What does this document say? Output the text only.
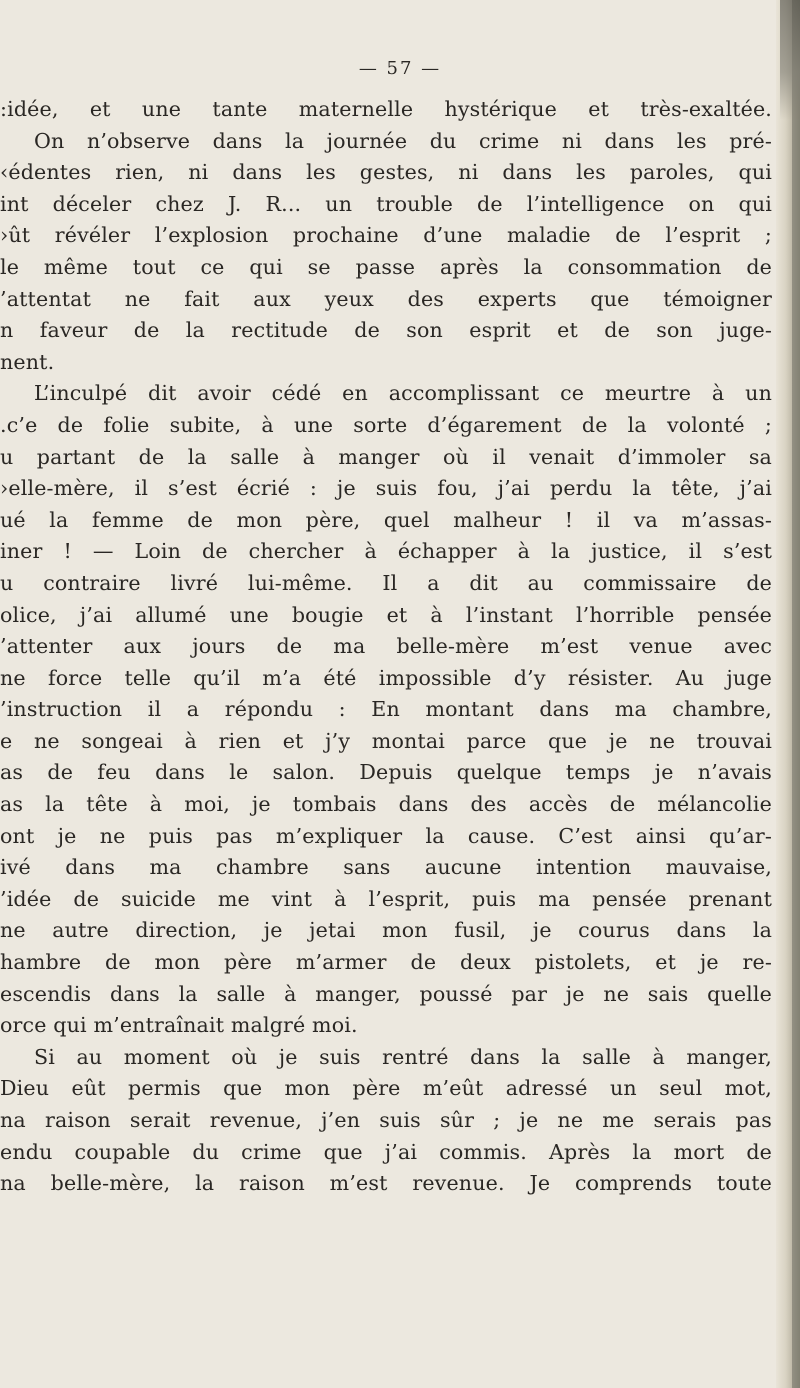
— 57 —

:idée, et une tante maternelle hystérique et très-exaltée.
On n’observe dans la journée du crime ni dans les pré-
‹édentes rien, ni dans les gestes, ni dans les paroles, qui
int déceler chez J. R... un trouble de l’intelligence on qui
›ût révéler l’explosion prochaine d’une maladie de l’esprit ;
le même tout ce qui se passe après la consommation de
’attentat ne fait aux yeux des experts que témoigner
n faveur de la rectitude de son esprit et de son juge-
nent.
L’inculpé dit avoir cédé en accomplissant ce meurtre à un
.c’e de folie subite, à une sorte d’égarement de la volonté ;
u partant de la salle à manger où il venait d’immoler sa
›elle-mère, il s’est écrié : je suis fou, j’ai perdu la tête, j’ai
ué la femme de mon père, quel malheur ! il va m’assas-
iner ! — Loin de chercher à échapper à la justice, il s’est
u contraire livré lui-même. Il a dit au commissaire de
olice, j’ai allumé une bougie et à l’instant l’horrible pensée
’attenter aux jours de ma belle-mère m’est venue avec
ne force telle qu’il m’a été impossible d’y résister. Au juge
’instruction il a répondu : En montant dans ma chambre,
e ne songeai à rien et j’y montai parce que je ne trouvai
as de feu dans le salon. Depuis quelque temps je n’avais
as la tête à moi, je tombais dans des accès de mélancolie
ont je ne puis pas m’expliquer la cause. C’est ainsi qu’ar-
ivé dans ma chambre sans aucune intention mauvaise,
’idée de suicide me vint à l’esprit, puis ma pensée prenant
ne autre direction, je jetai mon fusil, je courus dans la
hambre de mon père m’armer de deux pistolets, et je re-
escendis dans la salle à manger, poussé par je ne sais quelle
orce qui m’entraînait malgré moi.
Si au moment où je suis rentré dans la salle à manger,
Dieu eût permis que mon père m’eût adressé un seul mot,
na raison serait revenue, j’en suis sûr ; je ne me serais pas
endu coupable du crime que j’ai commis. Après la mort de
na belle-mère, la raison m’est revenue. Je comprends toute
